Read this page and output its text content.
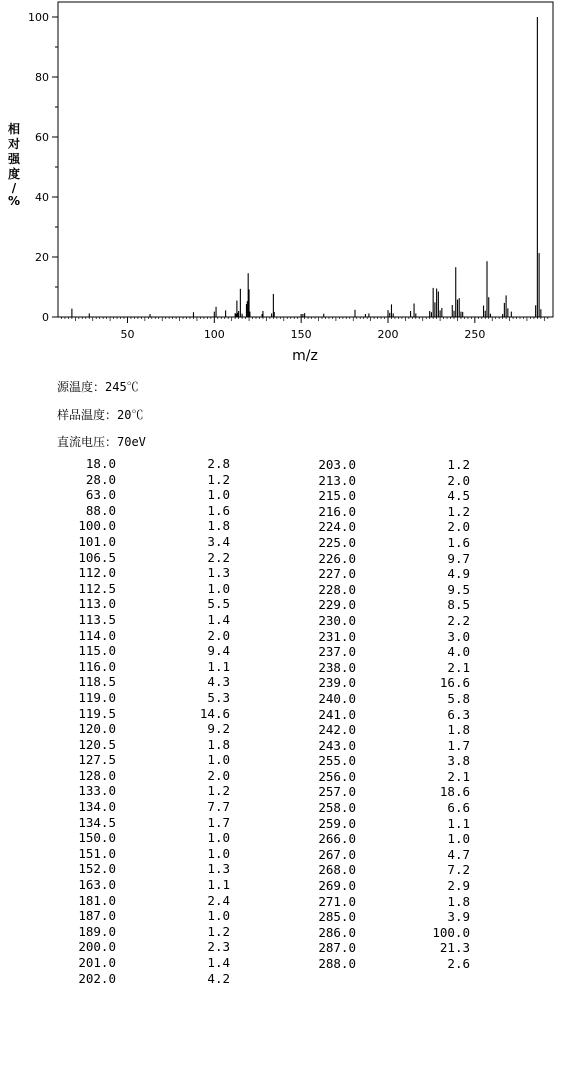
0
20
40
60
80
100
50	100	150	200	250
m/z
相
对
强
度
/
%
源温度：245℃
样品温度：20℃
直流电压：70eV
18.0	2.8
28.0	1.2
63.0	1.0
88.0	1.6
100.0	1.8
101.0	3.4
106.5	2.2
112.0	1.3
112.5	1.0
113.0	5.5
113.5	1.4
114.0	2.0
115.0	9.4
116.0	1.1
118.5	4.3
119.0	5.3
119.5	14.6
120.0	9.2
120.5	1.8
127.5	1.0
128.0	2.0
133.0	1.2
134.0	7.7
134.5	1.7
150.0	1.0
151.0	1.0
152.0	1.3
163.0	1.1
181.0	2.4
187.0	1.0
189.0	1.2
200.0	2.3
201.0	1.4
202.0	4.2
203.0	1.2
213.0	2.0
215.0	4.5
216.0	1.2
224.0	2.0
225.0	1.6
226.0	9.7
227.0	4.9
228.0	9.5
229.0	8.5
230.0	2.2
231.0	3.0
237.0	4.0
238.0	2.1
239.0	16.6
240.0	5.8
241.0	6.3
242.0	1.8
243.0	1.7
255.0	3.8
256.0	2.1
257.0	18.6
258.0	6.6
259.0	1.1
266.0	1.0
267.0	4.7
268.0	7.2
269.0	2.9
271.0	1.8
285.0	3.9
286.0	100.0
287.0	21.3
288.0	2.6
